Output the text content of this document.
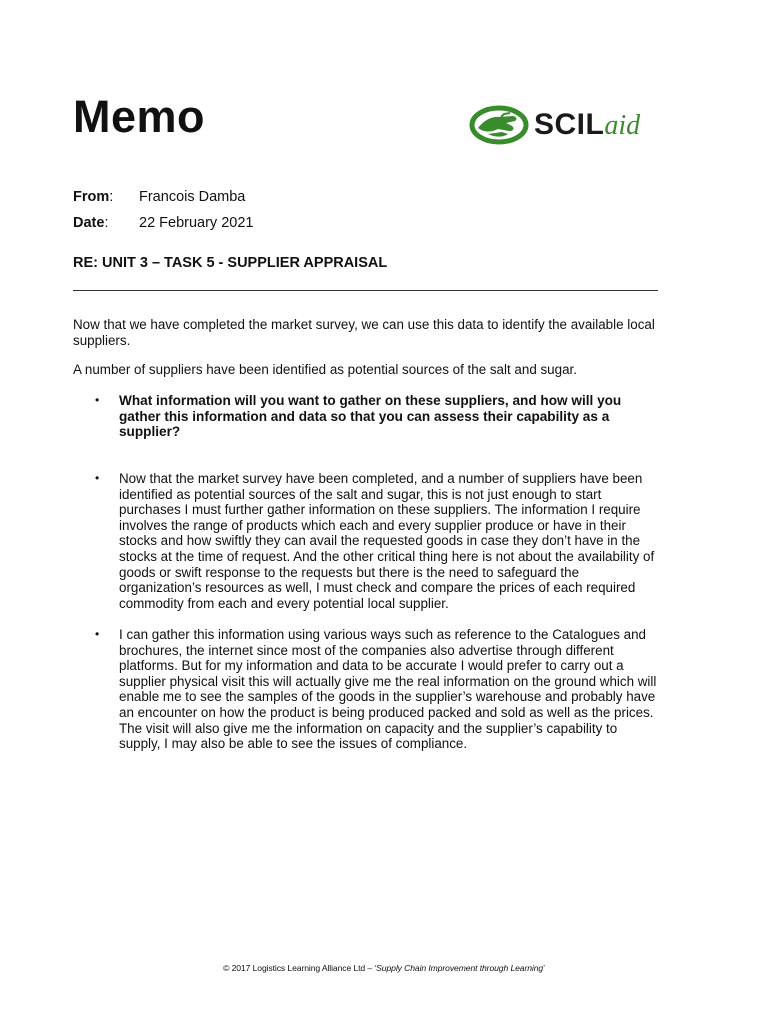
Memo	SCIL aid
From:	Francois Damba
Date:	22 February 2021

RE: UNIT 3 – TASK 5 - SUPPLIER APPRAISAL

Now that we have completed the market survey, we can use this data to identify the available local suppliers.

A number of suppliers have been identified as potential sources of the salt and sugar.

•	What information will you want to gather on these suppliers, and how will you gather this information and data so that you can assess their capability as a supplier?

•	Now that the market survey have been completed, and a number of suppliers have been identified as potential sources of the salt and sugar, this is not just enough to start purchases I must further gather information on these suppliers. The information I require involves the range of products which each and every supplier produce or have in their stocks and how swiftly they can avail the requested goods in case they don’t have in the stocks at the time of request. And the other critical thing here is not about the availability of goods or swift response to the requests but there is the need to safeguard the organization’s resources as well, I must check and compare the prices of each required commodity from each and every potential local supplier.

•	I can gather this information using various ways such as reference to the Catalogues and brochures, the internet since most of the companies also advertise through different platforms. But for my information and data to be accurate I would prefer to carry out a supplier physical visit this will actually give me the real information on the ground which will enable me to see the samples of the goods in the supplier’s warehouse and probably have an encounter on how the product is being produced packed and sold as well as the prices. The visit will also give me the information on capacity and the supplier’s capability to supply, I may also be able to see the issues of compliance.

© 2017 Logistics Learning Alliance Ltd – ‘Supply Chain Improvement through Learning’
